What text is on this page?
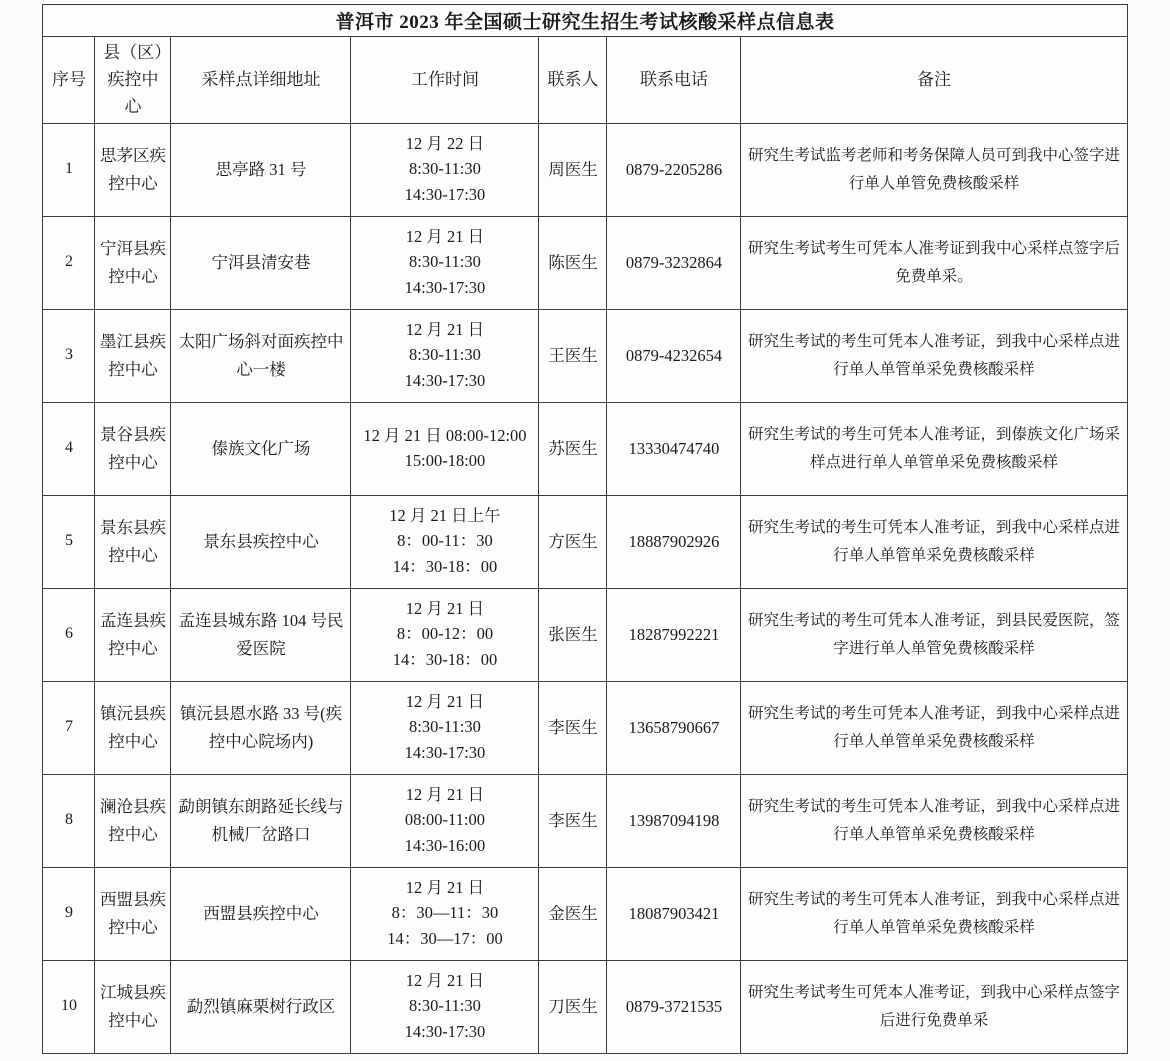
普洱市 2023 年全国硕士研究生招生考试核酸采样点信息表						
序号	县（区）疾控中心	采样点详细地址	工作时间	联系人	联系电话	备注
1	思茅区疾控中心	思亭路 31 号	12 月 22 日
8:30-11:30
14:30-17:30	周医生	0879-2205286	研究生考试监考老师和考务保障人员可到我中心签字进行单人单管免费核酸采样
2	宁洱县疾控中心	宁洱县清安巷	12 月 21 日
8:30-11:30
14:30-17:30	陈医生	0879-3232864	研究生考试考生可凭本人准考证到我中心采样点签字后免费单采。
3	墨江县疾控中心	太阳广场斜对面疾控中心一楼	12 月 21 日
8:30-11:30
14:30-17:30	王医生	0879-4232654	研究生考试的考生可凭本人准考证，到我中心采样点进行单人单管单采免费核酸采样
4	景谷县疾控中心	傣族文化广场	12 月 21 日 08:00-12:00
15:00-18:00	苏医生	13330474740	研究生考试的考生可凭本人准考证，到傣族文化广场采样点进行单人单管单采免费核酸采样
5	景东县疾控中心	景东县疾控中心	12 月 21 日上午
8：00-11：30
14：30-18：00	方医生	18887902926	研究生考试的考生可凭本人准考证，到我中心采样点进行单人单管单采免费核酸采样
6	孟连县疾控中心	孟连县城东路 104 号民爱医院	12 月 21 日
8：00-12：00
14：30-18：00	张医生	18287992221	研究生考试的考生可凭本人准考证，到县民爱医院，签字进行单人单管免费核酸采样
7	镇沅县疾控中心	镇沅县恩水路 33 号(疾控中心院场内)	12 月 21 日
8:30-11:30
14:30-17:30	李医生	13658790667	研究生考试的考生可凭本人准考证，到我中心采样点进行单人单管单采免费核酸采样
8	澜沧县疾控中心	勐朗镇东朗路延长线与机械厂岔路口	12 月 21 日
08:00-11:00
14:30-16:00	李医生	13987094198	研究生考试的考生可凭本人准考证，到我中心采样点进行单人单管单采免费核酸采样
9	西盟县疾控中心	西盟县疾控中心	12 月 21 日
8：30—11：30
14：30—17：00	金医生	18087903421	研究生考试的考生可凭本人准考证，到我中心采样点进行单人单管单采免费核酸采样
10	江城县疾控中心	勐烈镇麻栗树行政区	12 月 21 日
8:30-11:30
14:30-17:30	刀医生	0879-3721535	研究生考试考生可凭本人准考证，到我中心采样点签字后进行免费单采
